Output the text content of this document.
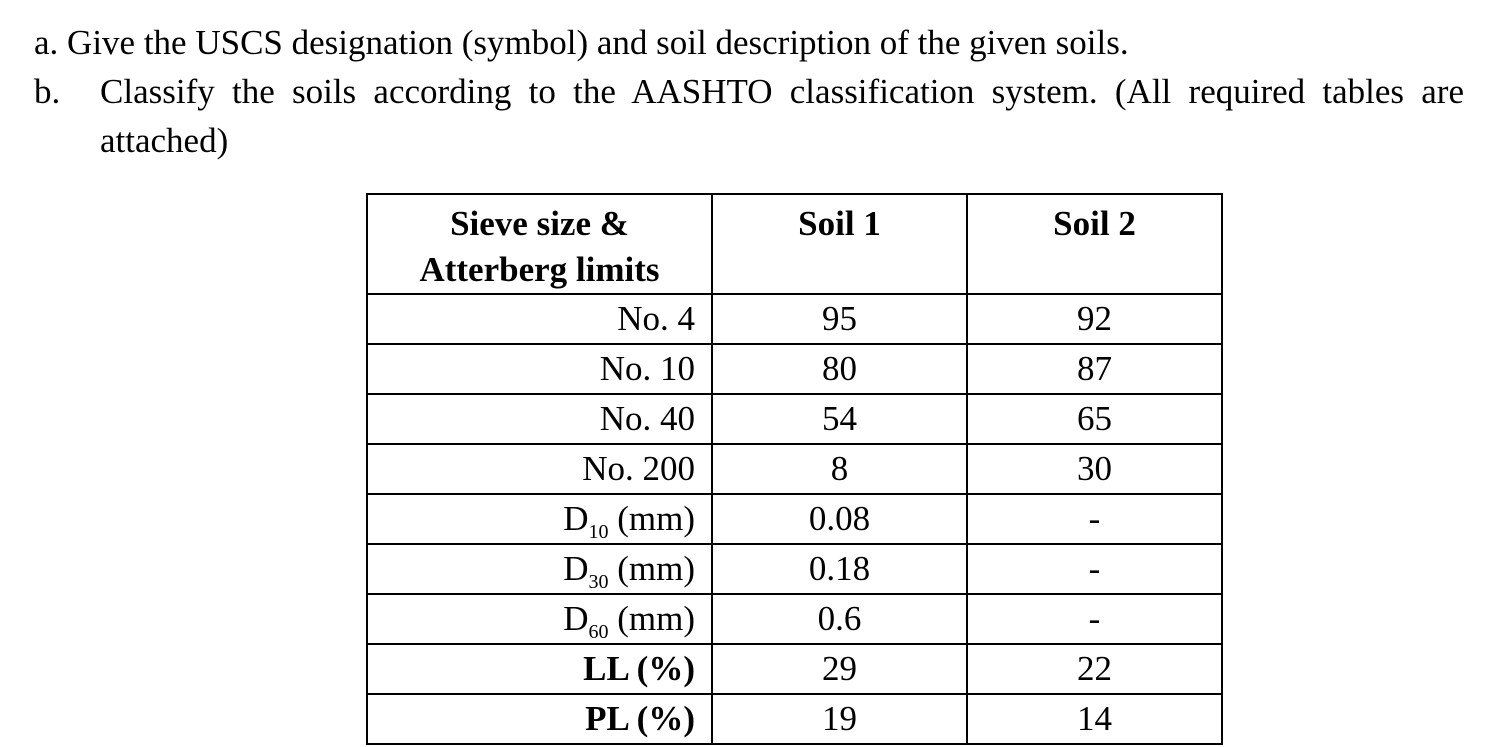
a. Give the USCS designation (symbol) and soil description of the given soils.

b. Classify the soils according to the AASHTO classification system. (All required tables are attached)

Sieve size &
Atterberg limits	Soil 1	Soil 2
No. 4	95	92
No. 10	80	87
No. 40	54	65
No. 200	8	30
$D_{10}$ (mm)	0.08	-
$D_{30}$ (mm)	0.18	-
$D_{60}$ (mm)	0.6	-
LL (%)	29	22
PL (%)	19	14
